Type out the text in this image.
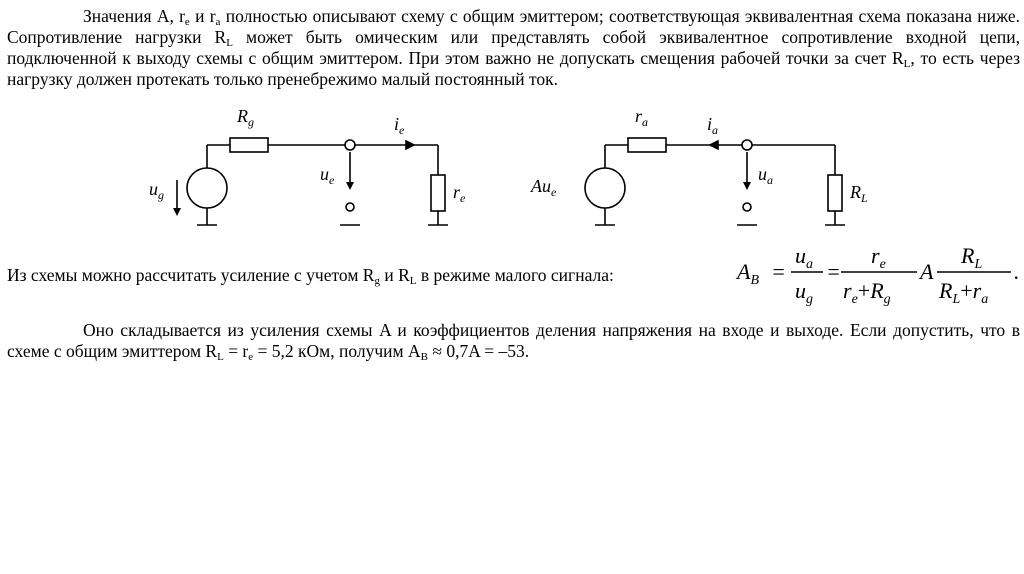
Значения A, $r_e$ и $r_a$ полностью описывают схему с общим эмиттером; соответствующая эквивалентная схема показана ниже. Сопротивление нагрузки $R_L$ может быть омическим или представлять собой эквивалентное сопротивление входной цепи, подключенной к выходу схемы с общим эмиттером. При этом важно не допускать смещения рабочей точки за счет $R_L$, то есть через нагрузку должен протекать только пренебрежимо малый постоянный ток.

$R_g$	$i_e$
$u_e$
$r_e$
$u_g$
$r_a$	$i_a$
$u_a$
$R_L$
$Au_e$

Из схемы можно рассчитать усиление с учетом $R_g$ и $R_L$ в режиме малого сигнала:	$A_B$ =
$u_a$
$u_g$
=
$r_e$
$r_e+R_g$
A
$R_L$
$R_L+r_a$
.

Оно складывается из усиления схемы A и коэффициентов деления напряжения на входе и выходе. Если допустить, что в схеме с общим эмиттером $R_L = r_e = 5,2$ кОм, получим $A_B \approx 0,7A = -53$.
